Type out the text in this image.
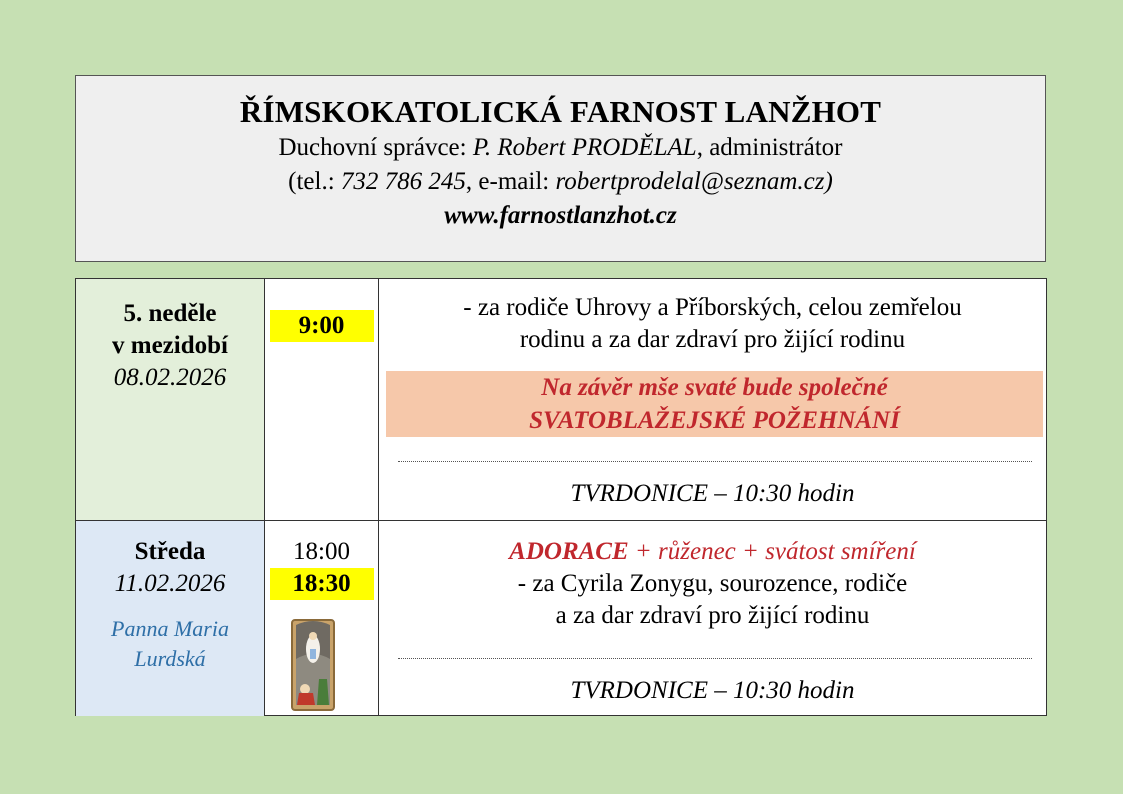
ŘÍMSKOKATOLICKÁ FARNOST LANŽHOT
Duchovní správce: P. Robert PRODĚLAL, administrátor
(tel.: 732 786 245, e-mail: robertprodelal@seznam.cz)
www.farnostlanzhot.cz
5. neděle
v mezidobí
08.02.2026
9:00
- za rodiče Uhrovy a Příborských, celou zemřelou
rodinu a za dar zdraví pro žijící rodinu
Na závěr mše svaté bude společné
SVATOBLAŽEJSKÉ POŽEHNÁNÍ
TVRDONICE – 10:30 hodin
Středa
11.02.2026
Panna Maria
Lurdská
18:00
18:30
ADORACE + růženec + svátost smíření
- za Cyrila Zonygu, sourozence, rodiče
a za dar zdraví pro žijící rodinu
TVRDONICE – 10:30 hodin
